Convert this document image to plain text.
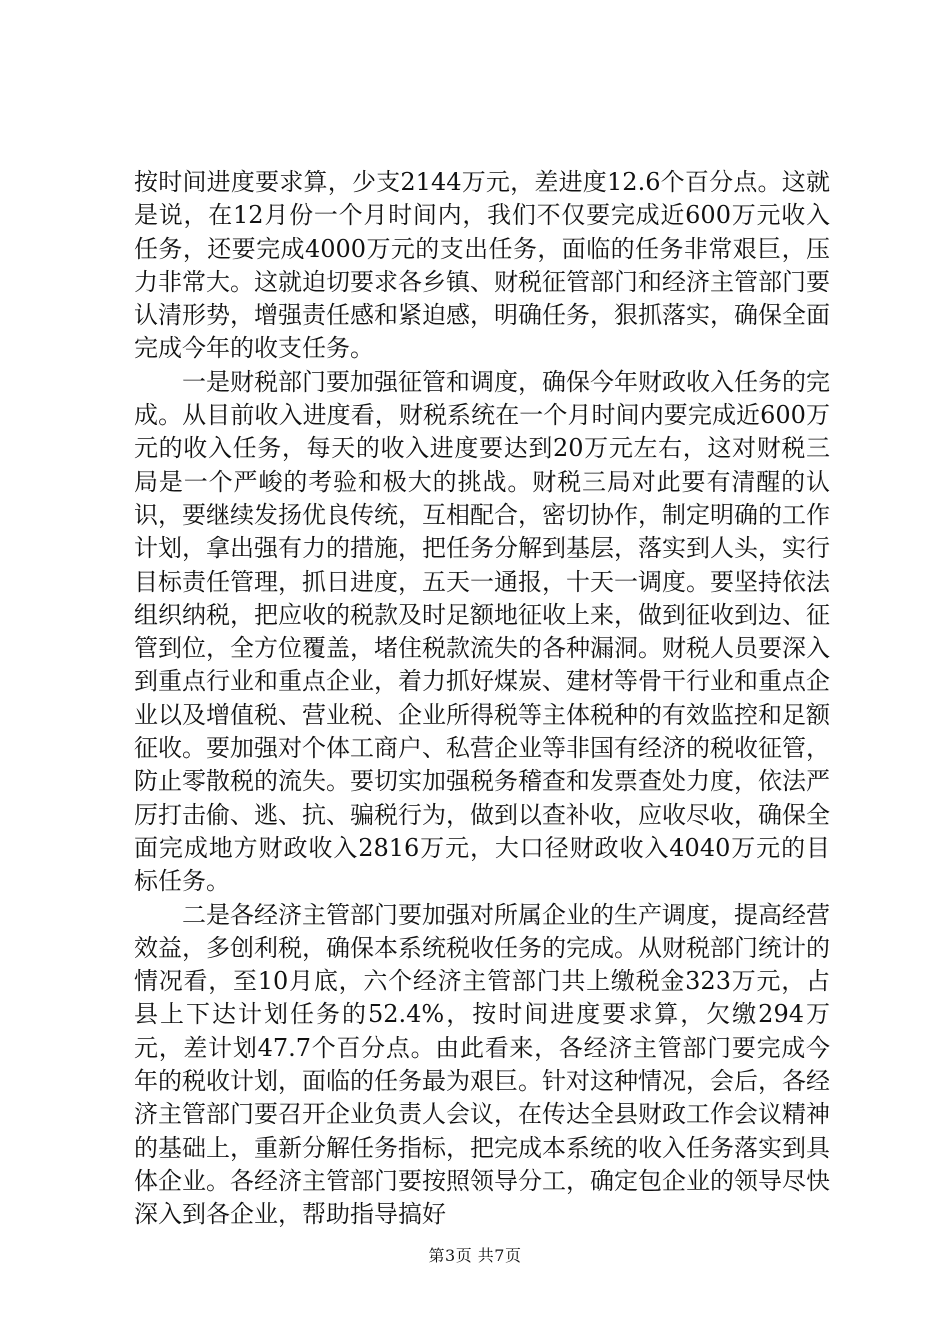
按时间进度要求算，少支2144万元，差进度12.6个百分点。这就是说，在12月份一个月时间内，我们不仅要完成近600万元收入任务，还要完成4000万元的支出任务，面临的任务非常艰巨，压力非常大。这就迫切要求各乡镇、财税征管部门和经济主管部门要认清形势，增强责任感和紧迫感，明确任务，狠抓落实，确保全面完成今年的收支任务。

一是财税部门要加强征管和调度，确保今年财政收入任务的完成。从目前收入进度看，财税系统在一个月时间内要完成近600万元的收入任务，每天的收入进度要达到20万元左右，这对财税三局是一个严峻的考验和极大的挑战。财税三局对此要有清醒的认识，要继续发扬优良传统，互相配合，密切协作，制定明确的工作计划，拿出强有力的措施，把任务分解到基层，落实到人头，实行目标责任管理，抓日进度，五天一通报，十天一调度。要坚持依法组织纳税，把应收的税款及时足额地征收上来，做到征收到边、征管到位，全方位覆盖，堵住税款流失的各种漏洞。财税人员要深入到重点行业和重点企业，着力抓好煤炭、建材等骨干行业和重点企业以及增值税、营业税、企业所得税等主体税种的有效监控和足额征收。要加强对个体工商户、私营企业等非国有经济的税收征管，防止零散税的流失。要切实加强税务稽查和发票查处力度，依法严厉打击偷、逃、抗、骗税行为，做到以查补收，应收尽收，确保全面完成地方财政收入2816万元，大口径财政收入4040万元的目标任务。

二是各经济主管部门要加强对所属企业的生产调度，提高经营效益，多创利税，确保本系统税收任务的完成。从财税部门统计的情况看，至10月底，六个经济主管部门共上缴税金323万元，占县上下达计划任务的52.4%，按时间进度要求算，欠缴294万元，差计划47.7个百分点。由此看来，各经济主管部门要完成今年的税收计划，面临的任务最为艰巨。针对这种情况，会后，各经济主管部门要召开企业负责人会议，在传达全县财政工作会议精神的基础上，重新分解任务指标，把完成本系统的收入任务落实到具体企业。各经济主管部门要按照领导分工，确定包企业的领导尽快深入到各企业，帮助指导搞好

第3页 共7页
